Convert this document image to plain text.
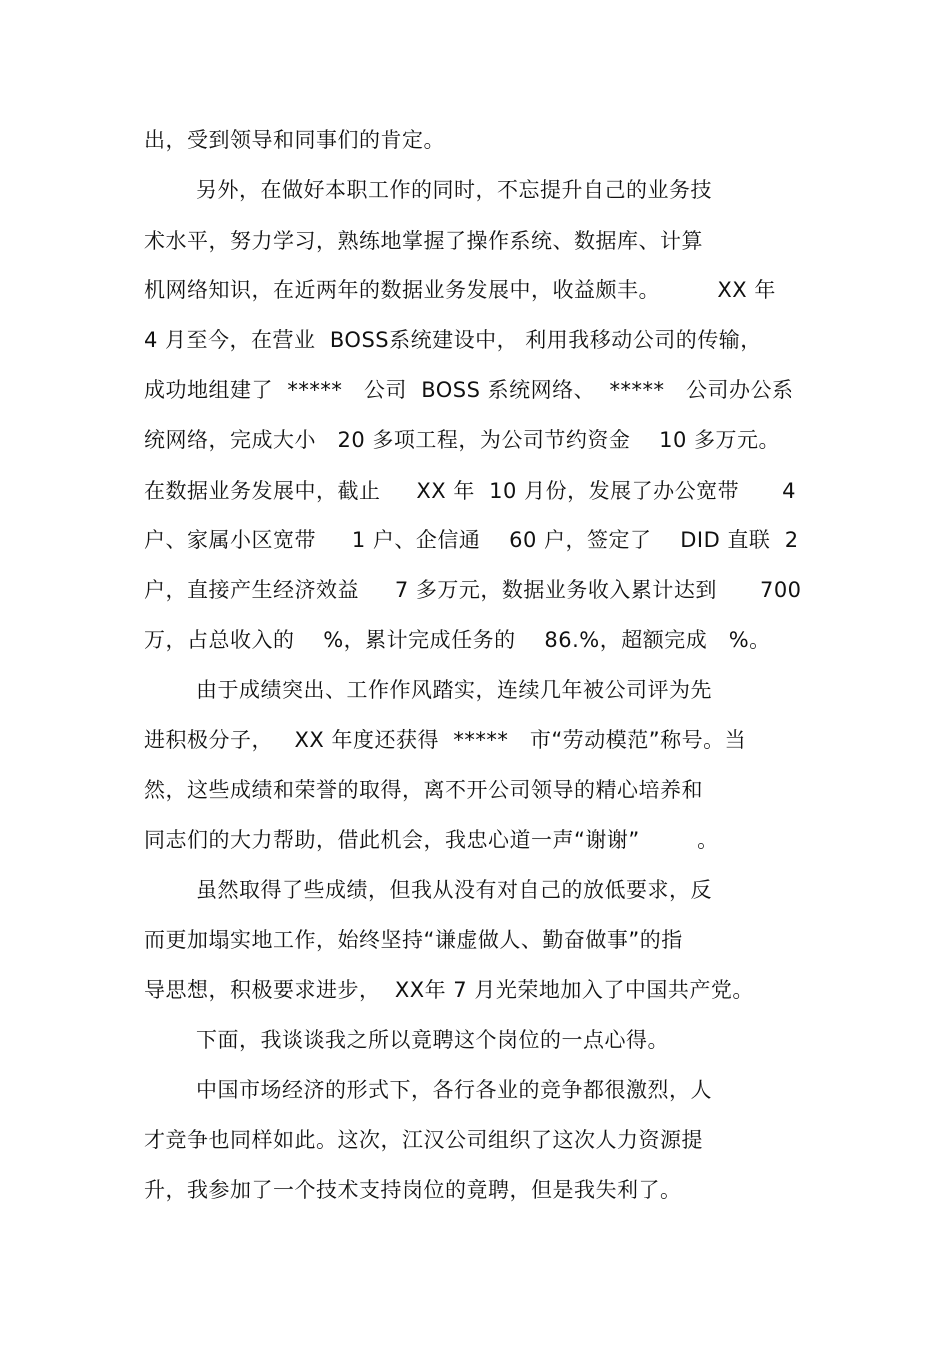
出，受到领导和同事们的肯定。
另外，在做好本职工作的同时，不忘提升自己的业务技
术水平，努力学习，熟练地掌握了操作系统、数据库、计算
机网络知识，在近两年的数据业务发展中，收益颇丰。        XX 年
4 月至今，在营业  BOSS系统建设中， 利用我移动公司的传输，
成功地组建了  *****   公司  BOSS 系统网络、  *****   公司办公系
统网络，完成大小   20 多项工程，为公司节约资金    10 多万元。
在数据业务发展中，截止     XX 年  10 月份，发展了办公宽带      4
户、家属小区宽带     1 户、企信通    60 户，签定了    DID 直联  2
户，直接产生经济效益     7 多万元，数据业务收入累计达到      700
万，占总收入的    %，累计完成任务的    86.%，超额完成   %。
由于成绩突出、工作作风踏实，连续几年被公司评为先
进积极分子，   XX 年度还获得  *****   市“劳动模范”称号。当
然，这些成绩和荣誉的取得，离不开公司领导的精心培养和
同志们的大力帮助，借此机会，我忠心道一声“谢谢”        。
虽然取得了些成绩，但我从没有对自己的放低要求，反
而更加塌实地工作，始终坚持“谦虚做人、勤奋做事”的指
导思想，积极要求进步，  XX年 7 月光荣地加入了中国共产党。
下面，我谈谈我之所以竟聘这个岗位的一点心得。
中国市场经济的形式下，各行各业的竞争都很激烈，人
才竞争也同样如此。这次，江汉公司组织了这次人力资源提
升，我参加了一个技术支持岗位的竟聘，但是我失利了。
